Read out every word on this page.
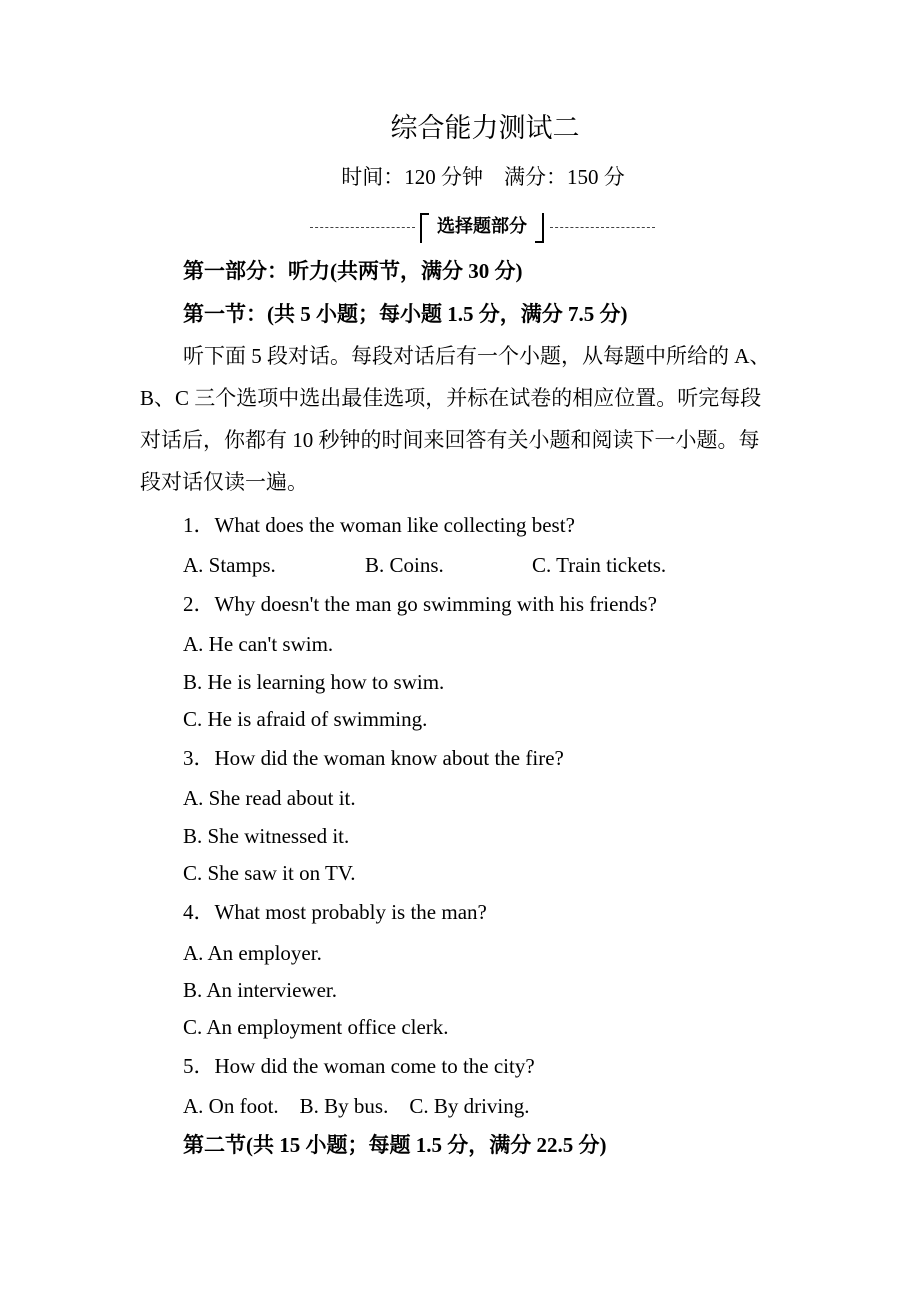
综合能力测试二
时间：120 分钟　满分：150 分
选择题部分
第一部分：听力(共两节，满分 30 分)
第一节：(共 5 小题；每小题 1.5 分，满分 7.5 分)
听下面 5 段对话。每段对话后有一个小题，从每题中所给的 A、
B、C 三个选项中选出最佳选项，并标在试卷的相应位置。听完每段
对话后，你都有 10 秒钟的时间来回答有关小题和阅读下一小题。每
段对话仅读一遍。
1．What does the woman like collecting best?
A. Stamps.	B. Coins.	C. Train tickets.
2．Why doesn't the man go swimming with his friends?
A. He can't swim.
B. He is learning how to swim.
C. He is afraid of swimming.
3．How did the woman know about the fire?
A. She read about it.
B. She witnessed it.
C. She saw it on TV.
4．What most probably is the man?
A. An employer.
B. An interviewer.
C. An employment office clerk.
5．How did the woman come to the city?
A. On foot.　B. By bus.　C. By driving.
第二节(共 15 小题；每题 1.5 分，满分 22.5 分)
